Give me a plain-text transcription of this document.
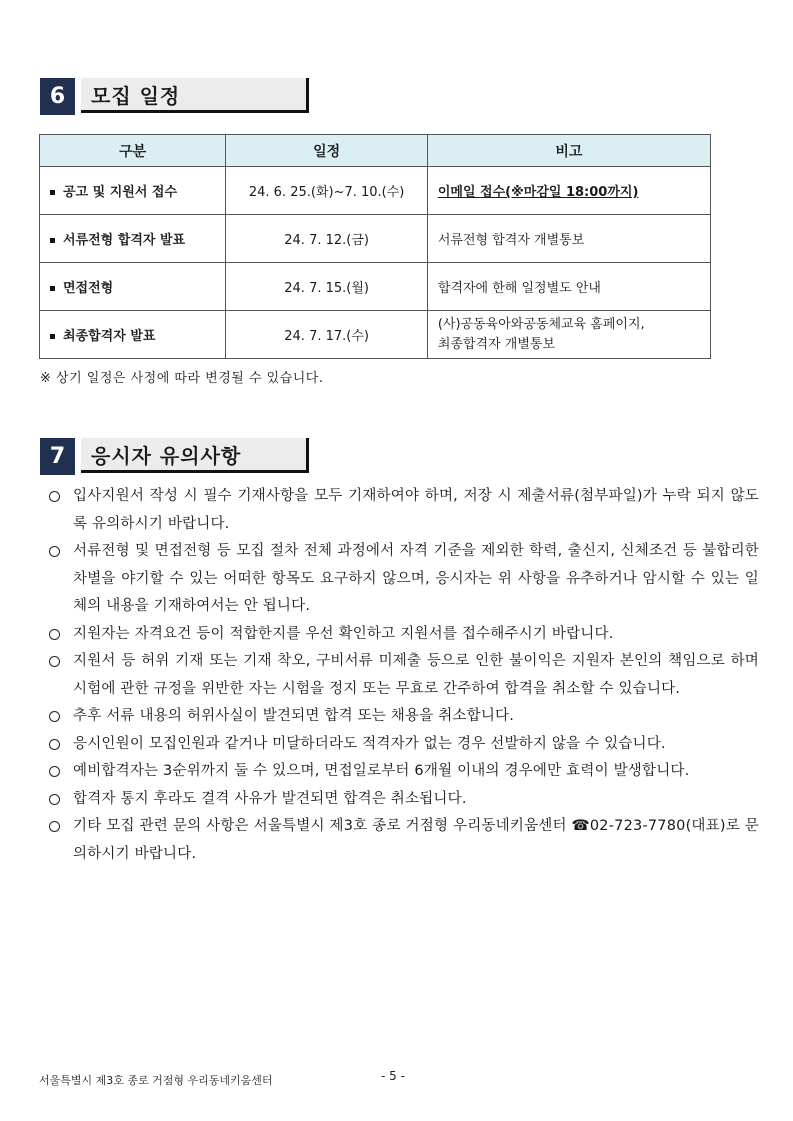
6	모집 일정
구분	일정	비고
공고 및 지원서 접수	24. 6. 25.(화)~7. 10.(수)	이메일 접수(※마감일 18:00까지)
서류전형 합격자 발표	24. 7. 12.(금)	서류전형 합격자 개별통보
면접전형	24. 7. 15.(월)	합격자에 한해 일정별도 안내
최종합격자 발표	24. 7. 17.(수)	(사)공동육아와공동체교육 홈페이지,
최종합격자 개별통보
※ 상기 일정은 사정에 따라 변경될 수 있습니다.
7	응시자 유의사항
입사지원서 작성 시 필수 기재사항을 모두 기재하여야 하며, 저장 시 제출서류(첨부파일)가 누락 되지 않도록 유의하시기 바랍니다.
서류전형 및 면접전형 등 모집 절차 전체 과정에서 자격 기준을 제외한 학력, 출신지, 신체조건 등 불합리한 차별을 야기할 수 있는 어떠한 항목도 요구하지 않으며, 응시자는 위 사항을 유추하거나 암시할 수 있는 일체의 내용을 기재하여서는 안 됩니다.
지원자는 자격요건 등이 적합한지를 우선 확인하고 지원서를 접수해주시기 바랍니다.
지원서 등 허위 기재 또는 기재 착오, 구비서류 미제출 등으로 인한 불이익은 지원자 본인의 책임으로 하며 시험에 관한 규정을 위반한 자는 시험을 정지 또는 무효로 간주하여 합격을 취소할 수 있습니다.
추후 서류 내용의 허위사실이 발견되면 합격 또는 채용을 취소합니다.
응시인원이 모집인원과 같거나 미달하더라도 적격자가 없는 경우 선발하지 않을 수 있습니다.
예비합격자는 3순위까지 둘 수 있으며, 면접일로부터 6개월 이내의 경우에만 효력이 발생합니다.
합격자 통지 후라도 결격 사유가 발견되면 합격은 취소됩니다.
기타 모집 관련 문의 사항은 서울특별시 제3호 종로 거점형 우리동네키움센터 ☎02-723-7780(대표)로 문의하시기 바랍니다.
서울특별시 제3호 종로 거점형 우리동네키움센터	- 5 -
